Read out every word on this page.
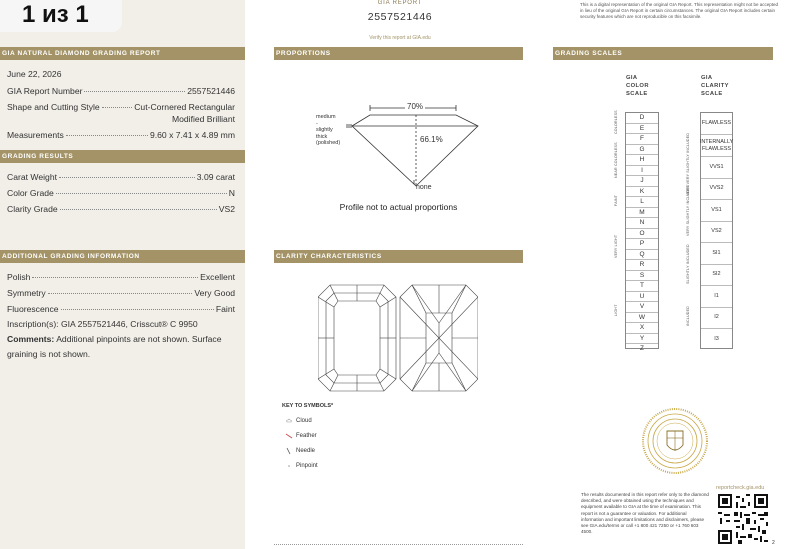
GIA NATURAL DIAMOND GRADING REPORT
June 22, 2026
GIA Report Number	2557521446
Shape and Cutting Style	Cut-Cornered Rectangular
Modified Brilliant
Measurements	9.60 x 7.41 x 4.89 mm
GRADING RESULTS
Carat Weight	3.09 carat
Color Grade	N
Clarity Grade	VS2
ADDITIONAL GRADING INFORMATION
Polish	Excellent
Symmetry	Very Good
Fluorescence	Faint
Inscription(s): GIA 2557521446, Crisscut® C 9950
Comments: Additional pinpoints are not shown. Surface graining is not shown.
1 из 1	GIA REPORT
2557521446
Verify this report at GIA.edu
This is a digital representation of the original GIA Report. This representation might not be accepted in lieu of the original GIA Report in certain circumstances. The original GIA Report includes certain security features which are not reproducible on this facsimile.
PROPORTIONS
70%
66.1%
medium
-
slightly
thick
(polished)
none
Profile not to actual proportions
CLARITY CHARACTERISTICS
KEY TO SYMBOLS*
Cloud
Feather
Needle
Pinpoint
GRADING SCALES
GIA
COLOR
SCALE
GIA
CLARITY
SCALE
D
E
F
G
H
I
J
K
L
M
N
O
P
Q
R
S
T
U
V
W
X
Y
Z
COLORLESS
NEAR COLORLESS
FAINT
VERY LIGHT
LIGHT
FLAWLESS
INTERNALLY FLAWLESS
VVS1
VVS2
VS1
VS2
SI1
SI2
I1
I2
I3
VERY VERY SLIGHTLY INCLUDED
VERY SLIGHTLY INCLUDED
SLIGHTLY INCLUDED
INCLUDED
reportcheck.gia.edu
The results documented in this report refer only to the diamond described, and were obtained using the techniques and equipment available to GIA at the time of examination. This report is not a guarantee or valuation. For additional information and important limitations and disclaimers, please see GIA.edu/terms or call +1 800 421 7250 or +1 760 603 4500.
2
